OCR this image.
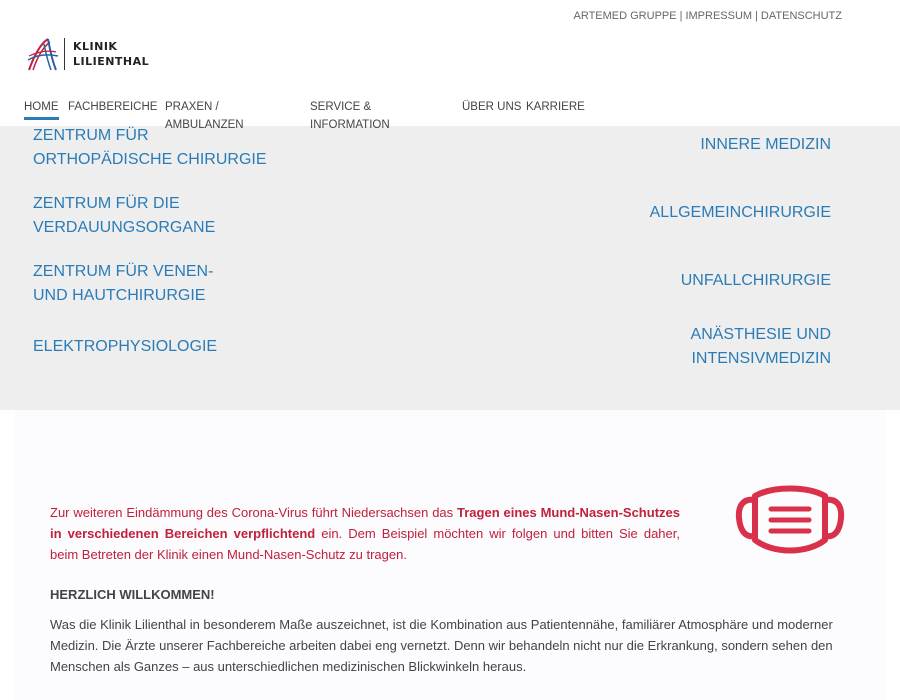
ARTEMED GRUPPE | IMPRESSUM | DATENSCHUTZ
KLINIK
LILIENTHAL
HOME FACHBEREICHE PRAXEN /
AMBULANZEN
SERVICE &
INFORMATION
ÜBER UNS KARRIERE
ZENTRUM FÜR
ORTHOPÄDISCHE CHIRURGIE
ZENTRUM FÜR DIE
VERDAUUNGSORGANE
ZENTRUM FÜR VENEN-
UND HAUTCHIRURGIE
ELEKTROPHYSIOLOGIE
INNERE MEDIZIN
ALLGEMEINCHIRURGIE
UNFALLCHIRURGIE
ANÄSTHESIE UND
INTENSIVMEDIZIN

Zur weiteren Eindämmung des Corona-Virus führt Niedersachsen das Tragen eines Mund-Nasen-Schutzes in verschiedenen Bereichen verpflichtend ein. Dem Beispiel möchten wir folgen und bitten Sie daher, beim Betreten der Klinik einen Mund-Nasen-Schutz zu tragen.

HERZLICH WILLKOMMEN!

Was die Klinik Lilienthal in besonderem Maße auszeichnet, ist die Kombination aus Patientennähe, familiärer Atmosphäre und moderner Medizin. Die Ärzte unserer Fachbereiche arbeiten dabei eng vernetzt. Denn wir behandeln nicht nur die Erkrankung, sondern sehen den Menschen als Ganzes – aus unterschiedlichen medizinischen Blickwinkeln heraus.
